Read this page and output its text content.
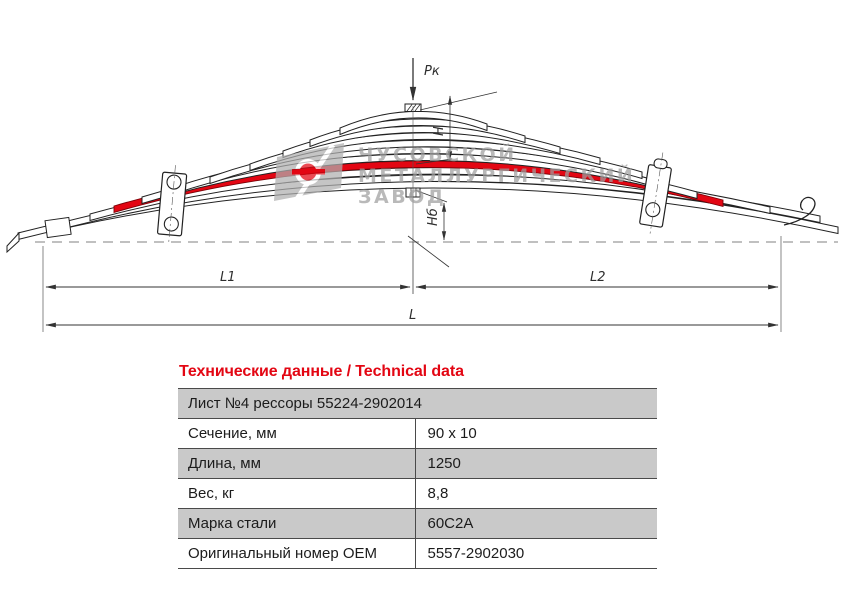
L1	L2
L
Pк
H
Нб
ЧУСОВСКОЙ
МЕТАЛЛУРГИЧЕСКИЙ
ЗАВОД
Технические данные / Technical data
Лист №4 рессоры 55224-2902014	
Сечение, мм	90 x 10
Длина, мм	1250
Вес, кг	8,8
Марка стали	60С2А
Оригинальный номер ОЕМ	5557-2902030
